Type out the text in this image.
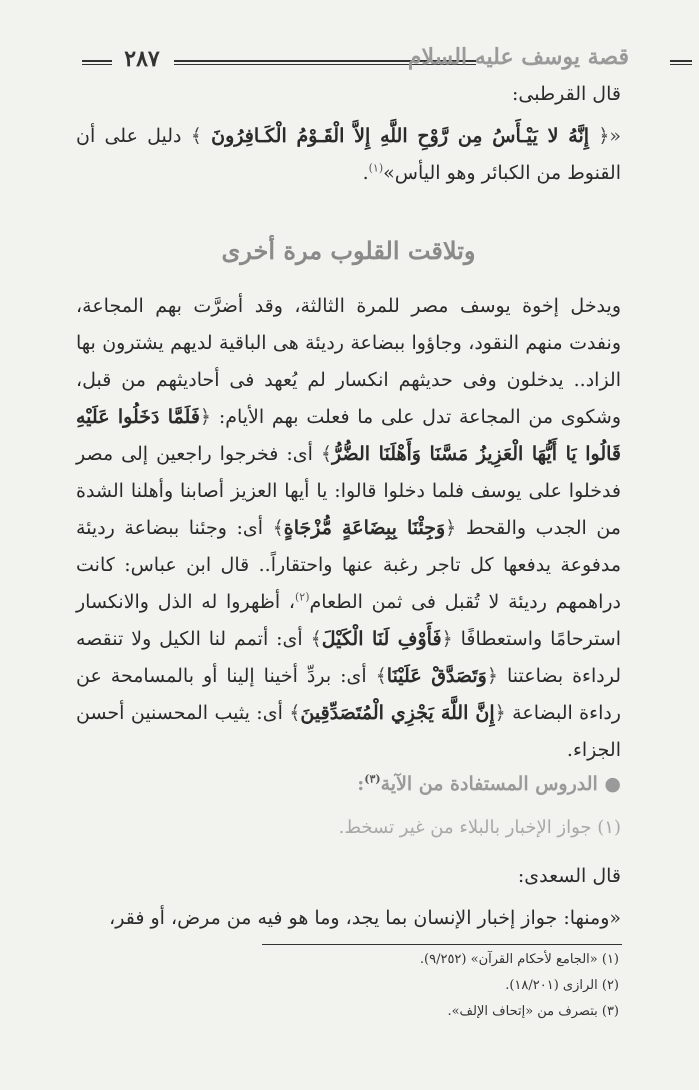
٢٨٧	قصة يوسف عليه السلام
قال القرطبى:
«﴿ إِنَّهُ لا يَيْـأَسُ مِن رَّوْحِ اللَّهِ إِلاَّ الْقَـوْمُ الْكَـافِرُونَ ﴾ دليل على أن القنوط من الكبائر وهو اليأس»$^{(١)}$.
وتلاقت القلوب مرة أخرى
ويدخل إخوة يوسف مصر للمرة الثالثة، وقد أضرَّت بهم المجاعة، ونفدت منهم النقود، وجاؤوا ببضاعة رديئة هى الباقية لديهم يشترون بها الزاد.. يدخلون وفى حديثهم انكسار لم يُعهد فى أحاديثهم من قبل، وشكوى من المجاعة تدل على ما فعلت بهم الأيام: ﴿فَلَمَّا دَخَلُوا عَلَيْهِ قَالُوا يَا أَيُّهَا الْعَزِيزُ مَسَّنَا وَأَهْلَنَا الضُّرُّ﴾ أى: فخرجوا راجعين إلى مصر فدخلوا على يوسف فلما دخلوا قالوا: يا أيها العزيز أصابنا وأهلنا الشدة من الجدب والقحط ﴿وَجِئْنَا بِبِضَاعَةٍ مُّزْجَاةٍ﴾ أى: وجئنا ببضاعة رديئة مدفوعة يدفعها كل تاجر رغبة عنها واحتقاراً.. قال ابن عباس: كانت دراهمهم رديئة لا تُقبل فى ثمن الطعام$^{(٢)}$، أظهروا له الذل والانكسار استرحامًا واستعطافًا ﴿فَأَوْفِ لَنَا الْكَيْلَ﴾ أى: أتمم لنا الكيل ولا تنقصه لرداءة بضاعتنا ﴿وَتَصَدَّقْ عَلَيْنَا﴾ أى: بردِّ أخينا إلينا أو بالمسامحة عن رداءة البضاعة ﴿إِنَّ اللَّهَ يَجْزِي الْمُتَصَدِّقِينَ﴾ أى: يثيب المحسنين أحسن الجزاء.
● الدروس المستفادة من الآية$^{(٣)}$:
(١) جواز الإخبار بالبلاء من غير تسخط.
قال السعدى:
«ومنها: جواز إخبار الإنسان بما يجد، وما هو فيه من مرض، أو فقر،
(١) «الجامع لأحكام القرآن» (٩/٢٥٢).
(٢) الرازى (١٨/٢٠١).
(٣) بتصرف من «إتحاف الإلف».
